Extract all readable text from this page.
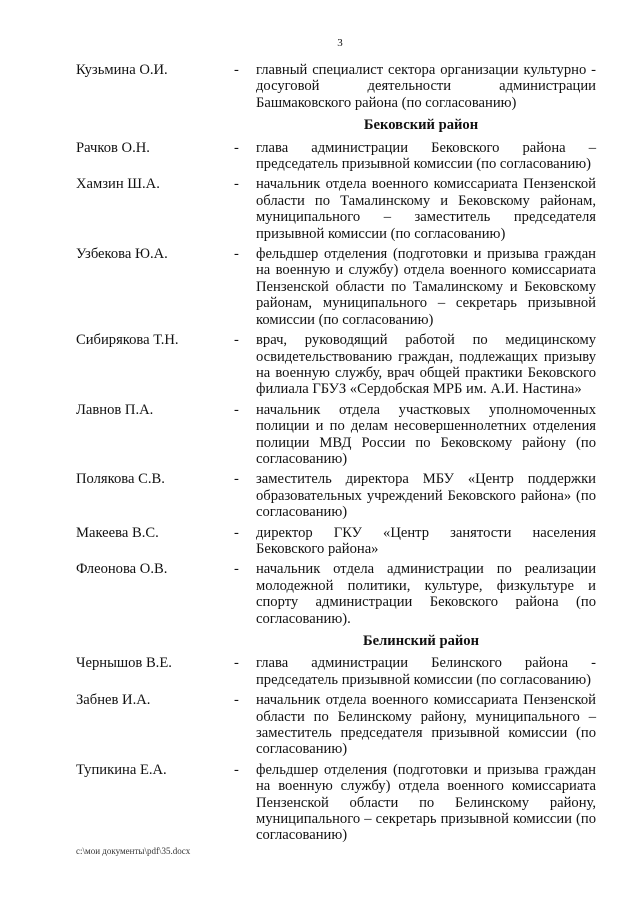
3
Кузьмина О.И.	-	главный специалист сектора организации культурно - досуговой деятельности администрации Башмаковского района (по согласованию)
Бековский район
Рачков О.Н.	-	глава администрации Бековского района – председатель призывной комиссии (по согласованию)
Хамзин Ш.А.	-	начальник отдела военного комиссариата Пензенской области по Тамалинскому и Бековскому районам, муниципального – заместитель председателя призывной комиссии (по согласованию)
Узбекова Ю.А.	-	фельдшер отделения (подготовки и призыва граждан на военную и службу) отдела военного комиссариата Пензенской области по Тамалинскому и Бековскому районам, муниципального – секретарь призывной комиссии (по согласованию)
Сибирякова Т.Н.	-	врач, руководящий работой по медицинскому освидетельствованию граждан, подлежащих призыву на военную службу, врач общей практики Бековского филиала ГБУЗ «Сердобская МРБ им. А.И. Настина»
Лавнов П.А.	-	начальник отдела участковых уполномоченных полиции и по делам несовершеннолетних отделения полиции МВД России по Бековскому району (по согласованию)
Полякова С.В.	-	заместитель директора МБУ «Центр поддержки образовательных учреждений Бековского района» (по согласованию)
Макеева В.С.	-	директор ГКУ «Центр занятости населения Бековского района»
Флеонова О.В.	-	начальник отдела администрации по реализации молодежной политики, культуре, физкультуре и спорту администрации Бековского района (по согласованию).
Белинский район
Чернышов В.Е.	-	глава администрации Белинского района - председатель призывной комиссии (по согласованию)
Забнев И.А.	-	начальник отдела военного комиссариата Пензенской области по Белинскому району, муниципального – заместитель председателя призывной комиссии (по согласованию)
Тупикина Е.А.	-	фельдшер отделения (подготовки и призыва граждан на военную службу) отдела военного комиссариата Пензенской области по Белинскому району, муниципального – секретарь призывной комиссии (по согласованию)
c:\мои документы\pdf\35.docx
